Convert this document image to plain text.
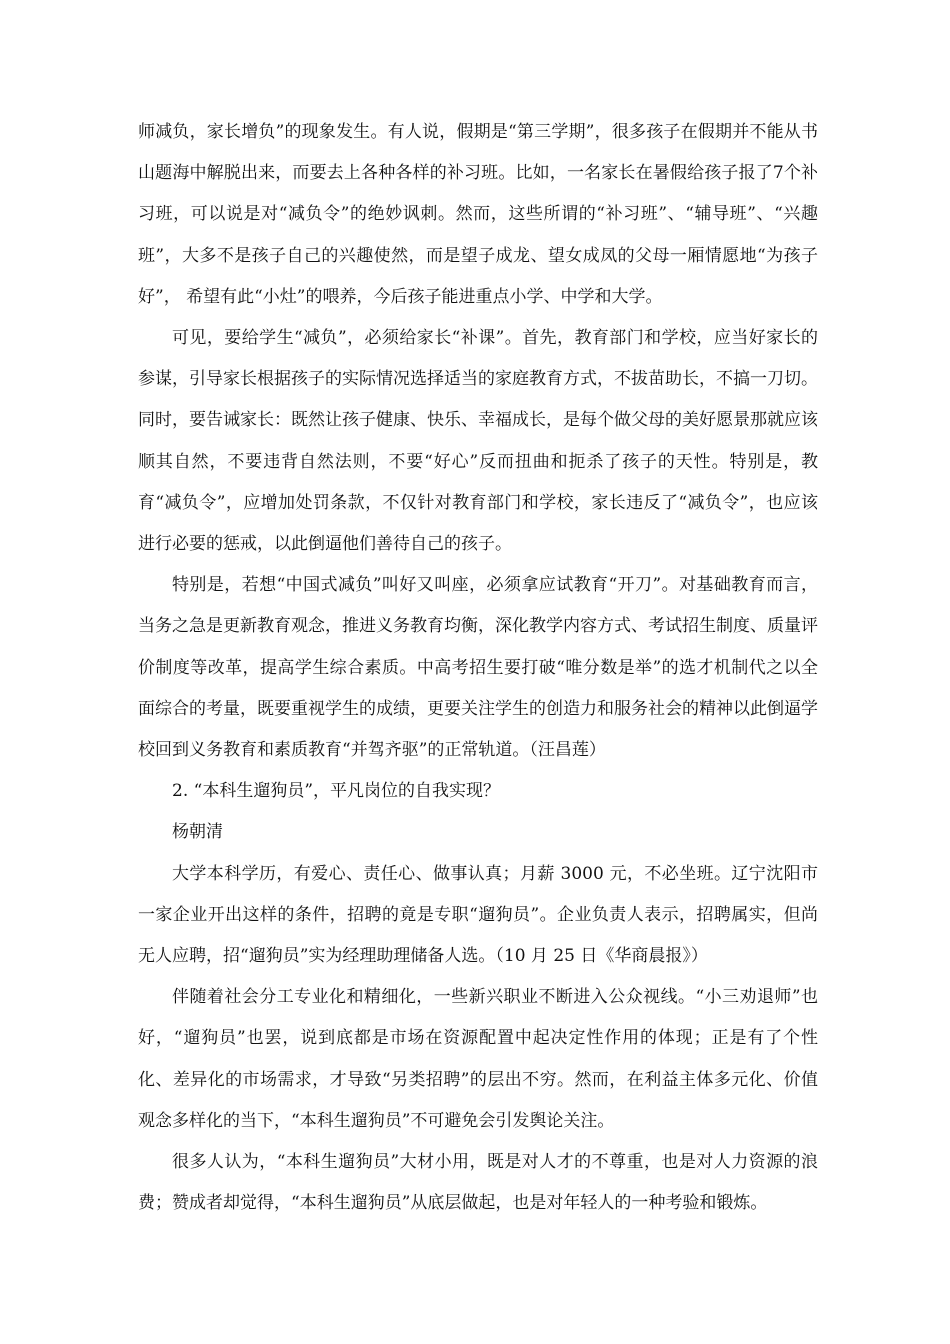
师减负，家长增负”的现象发生。有人说，假期是“第三学期”，很多孩子在假期并不能从书山题海中解脱出来，而要去上各种各样的补习班。比如，一名家长在暑假给孩子报了7个补习班，可以说是对“减负令”的绝妙讽刺。然而，这些所谓的“补习班”、“辅导班”、“兴趣班”，大多不是孩子自己的兴趣使然，而是望子成龙、望女成凤的父母一厢情愿地“为孩子好”， 希望有此“小灶”的喂养，今后孩子能进重点小学、中学和大学。

可见，要给学生“减负”，必须给家长“补课”。首先，教育部门和学校，应当好家长的参谋，引导家长根据孩子的实际情况选择适当的家庭教育方式，不拔苗助长，不搞一刀切。同时，要告诫家长：既然让孩子健康、快乐、幸福成长，是每个做父母的美好愿景那就应该顺其自然，不要违背自然法则，不要“好心”反而扭曲和扼杀了孩子的天性。特别是，教育“减负令”，应增加处罚条款，不仅针对教育部门和学校，家长违反了“减负令”，也应该进行必要的惩戒，以此倒逼他们善待自己的孩子。

特别是，若想“中国式减负”叫好又叫座，必须拿应试教育“开刀”。对基础教育而言，当务之急是更新教育观念，推进义务教育均衡，深化教学内容方式、考试招生制度、质量评价制度等改革，提高学生综合素质。中高考招生要打破“唯分数是举”的选才机制代之以全面综合的考量，既要重视学生的成绩，更要关注学生的创造力和服务社会的精神以此倒逼学校回到义务教育和素质教育“并驾齐驱”的正常轨道。（汪昌莲）

2. “本科生遛狗员”，平凡岗位的自我实现？

杨朝清

大学本科学历，有爱心、责任心、做事认真；月薪 3000 元，不必坐班。辽宁沈阳市一家企业开出这样的条件，招聘的竟是专职“遛狗员”。企业负责人表示，招聘属实，但尚无人应聘，招“遛狗员”实为经理助理储备人选。（10 月 25 日《华商晨报》）

伴随着社会分工专业化和精细化，一些新兴职业不断进入公众视线。“小三劝退师”也好，“遛狗员”也罢，说到底都是市场在资源配置中起决定性作用的体现；正是有了个性化、差异化的市场需求，才导致“另类招聘”的层出不穷。然而，在利益主体多元化、价值观念多样化的当下，“本科生遛狗员”不可避免会引发舆论关注。

很多人认为，“本科生遛狗员”大材小用，既是对人才的不尊重，也是对人力资源的浪费；赞成者却觉得，“本科生遛狗员”从底层做起，也是对年轻人的一种考验和锻炼。
